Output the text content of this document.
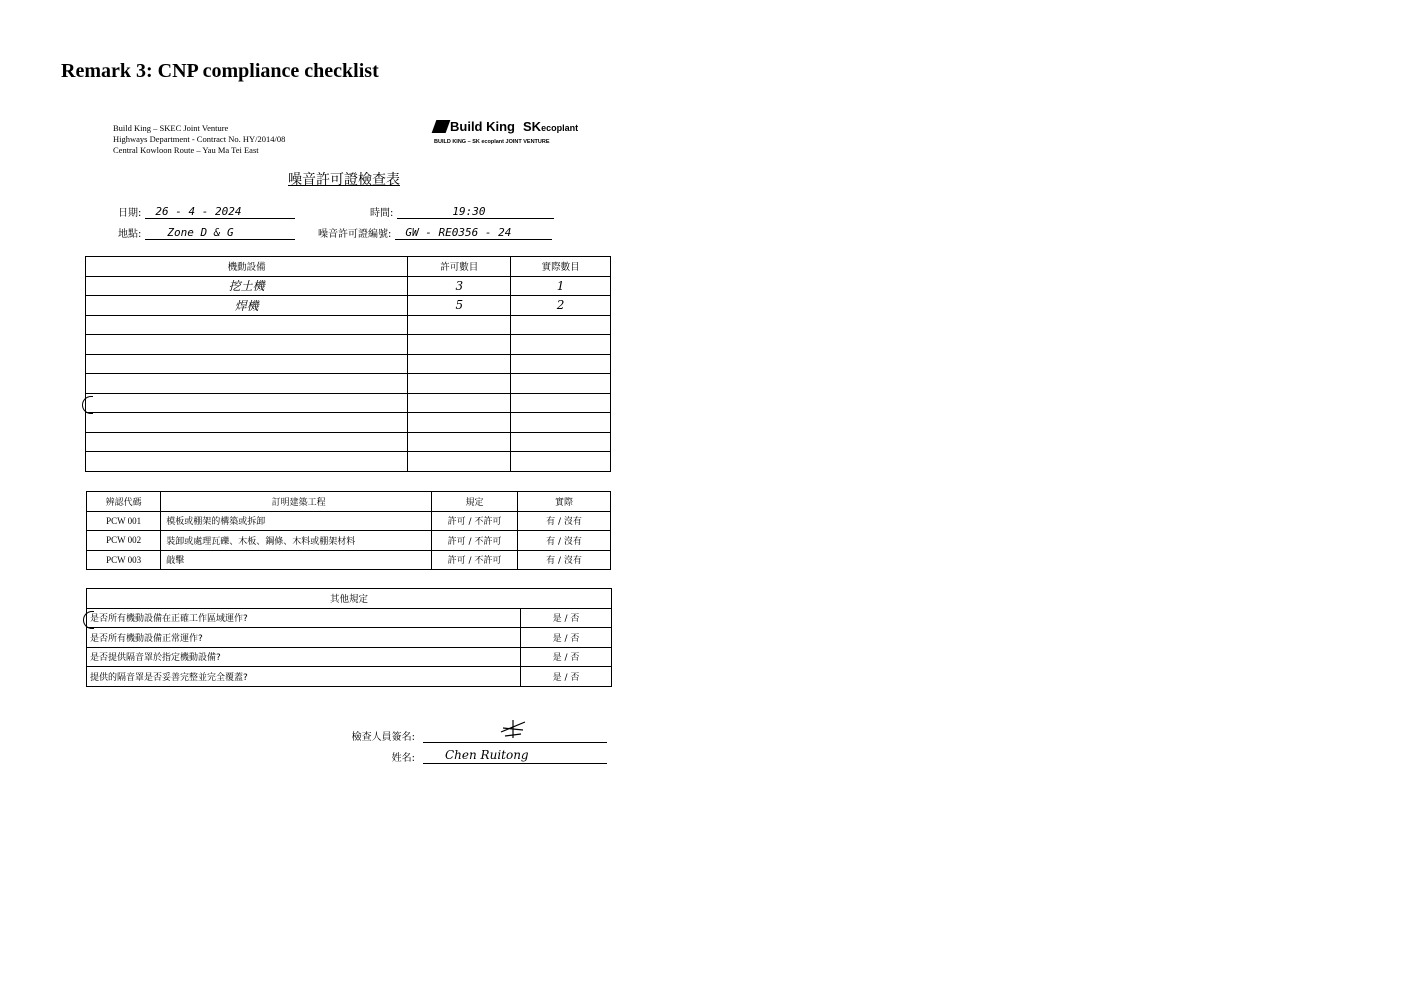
Remark 3: CNP compliance checklist
Build King – SKEC Joint Venture
Highways Department - Contract No. HY/2014/08
Central Kowloon Route – Yau Ma Tei East
Build King SKecoplant
BUILD KING – SK ecoplant JOINT VENTURE
噪音許可證檢查表
日期: 26 - 4 - 2024	時間:	19:30
地點: Zone D & G	噪音許可證編號: GW - RE0356 - 24
機動設備	許可數目	實際數目
挖土機	3	1
焊機	5	2

辨認代碼	訂明建築工程	規定	實際
PCW 001	模板或棚架的構築或拆卸	許可 / 不許可	有 / 沒有
PCW 002	裝卸或處理瓦礫、木板、鋼條、木料或棚架材料	許可 / 不許可	有 / 沒有
PCW 003	敲擊	許可 / 不許可	有 / 沒有
其他規定	
是否所有機動設備在正確工作區域運作?	是 / 否
是否所有機動設備正常運作?	是 / 否
是否提供隔音罩於指定機動設備?	是 / 否
提供的隔音罩是否妥善完整並完全覆蓋?	是 / 否
檢查人員簽名:
姓名:	Chen Ruitong
